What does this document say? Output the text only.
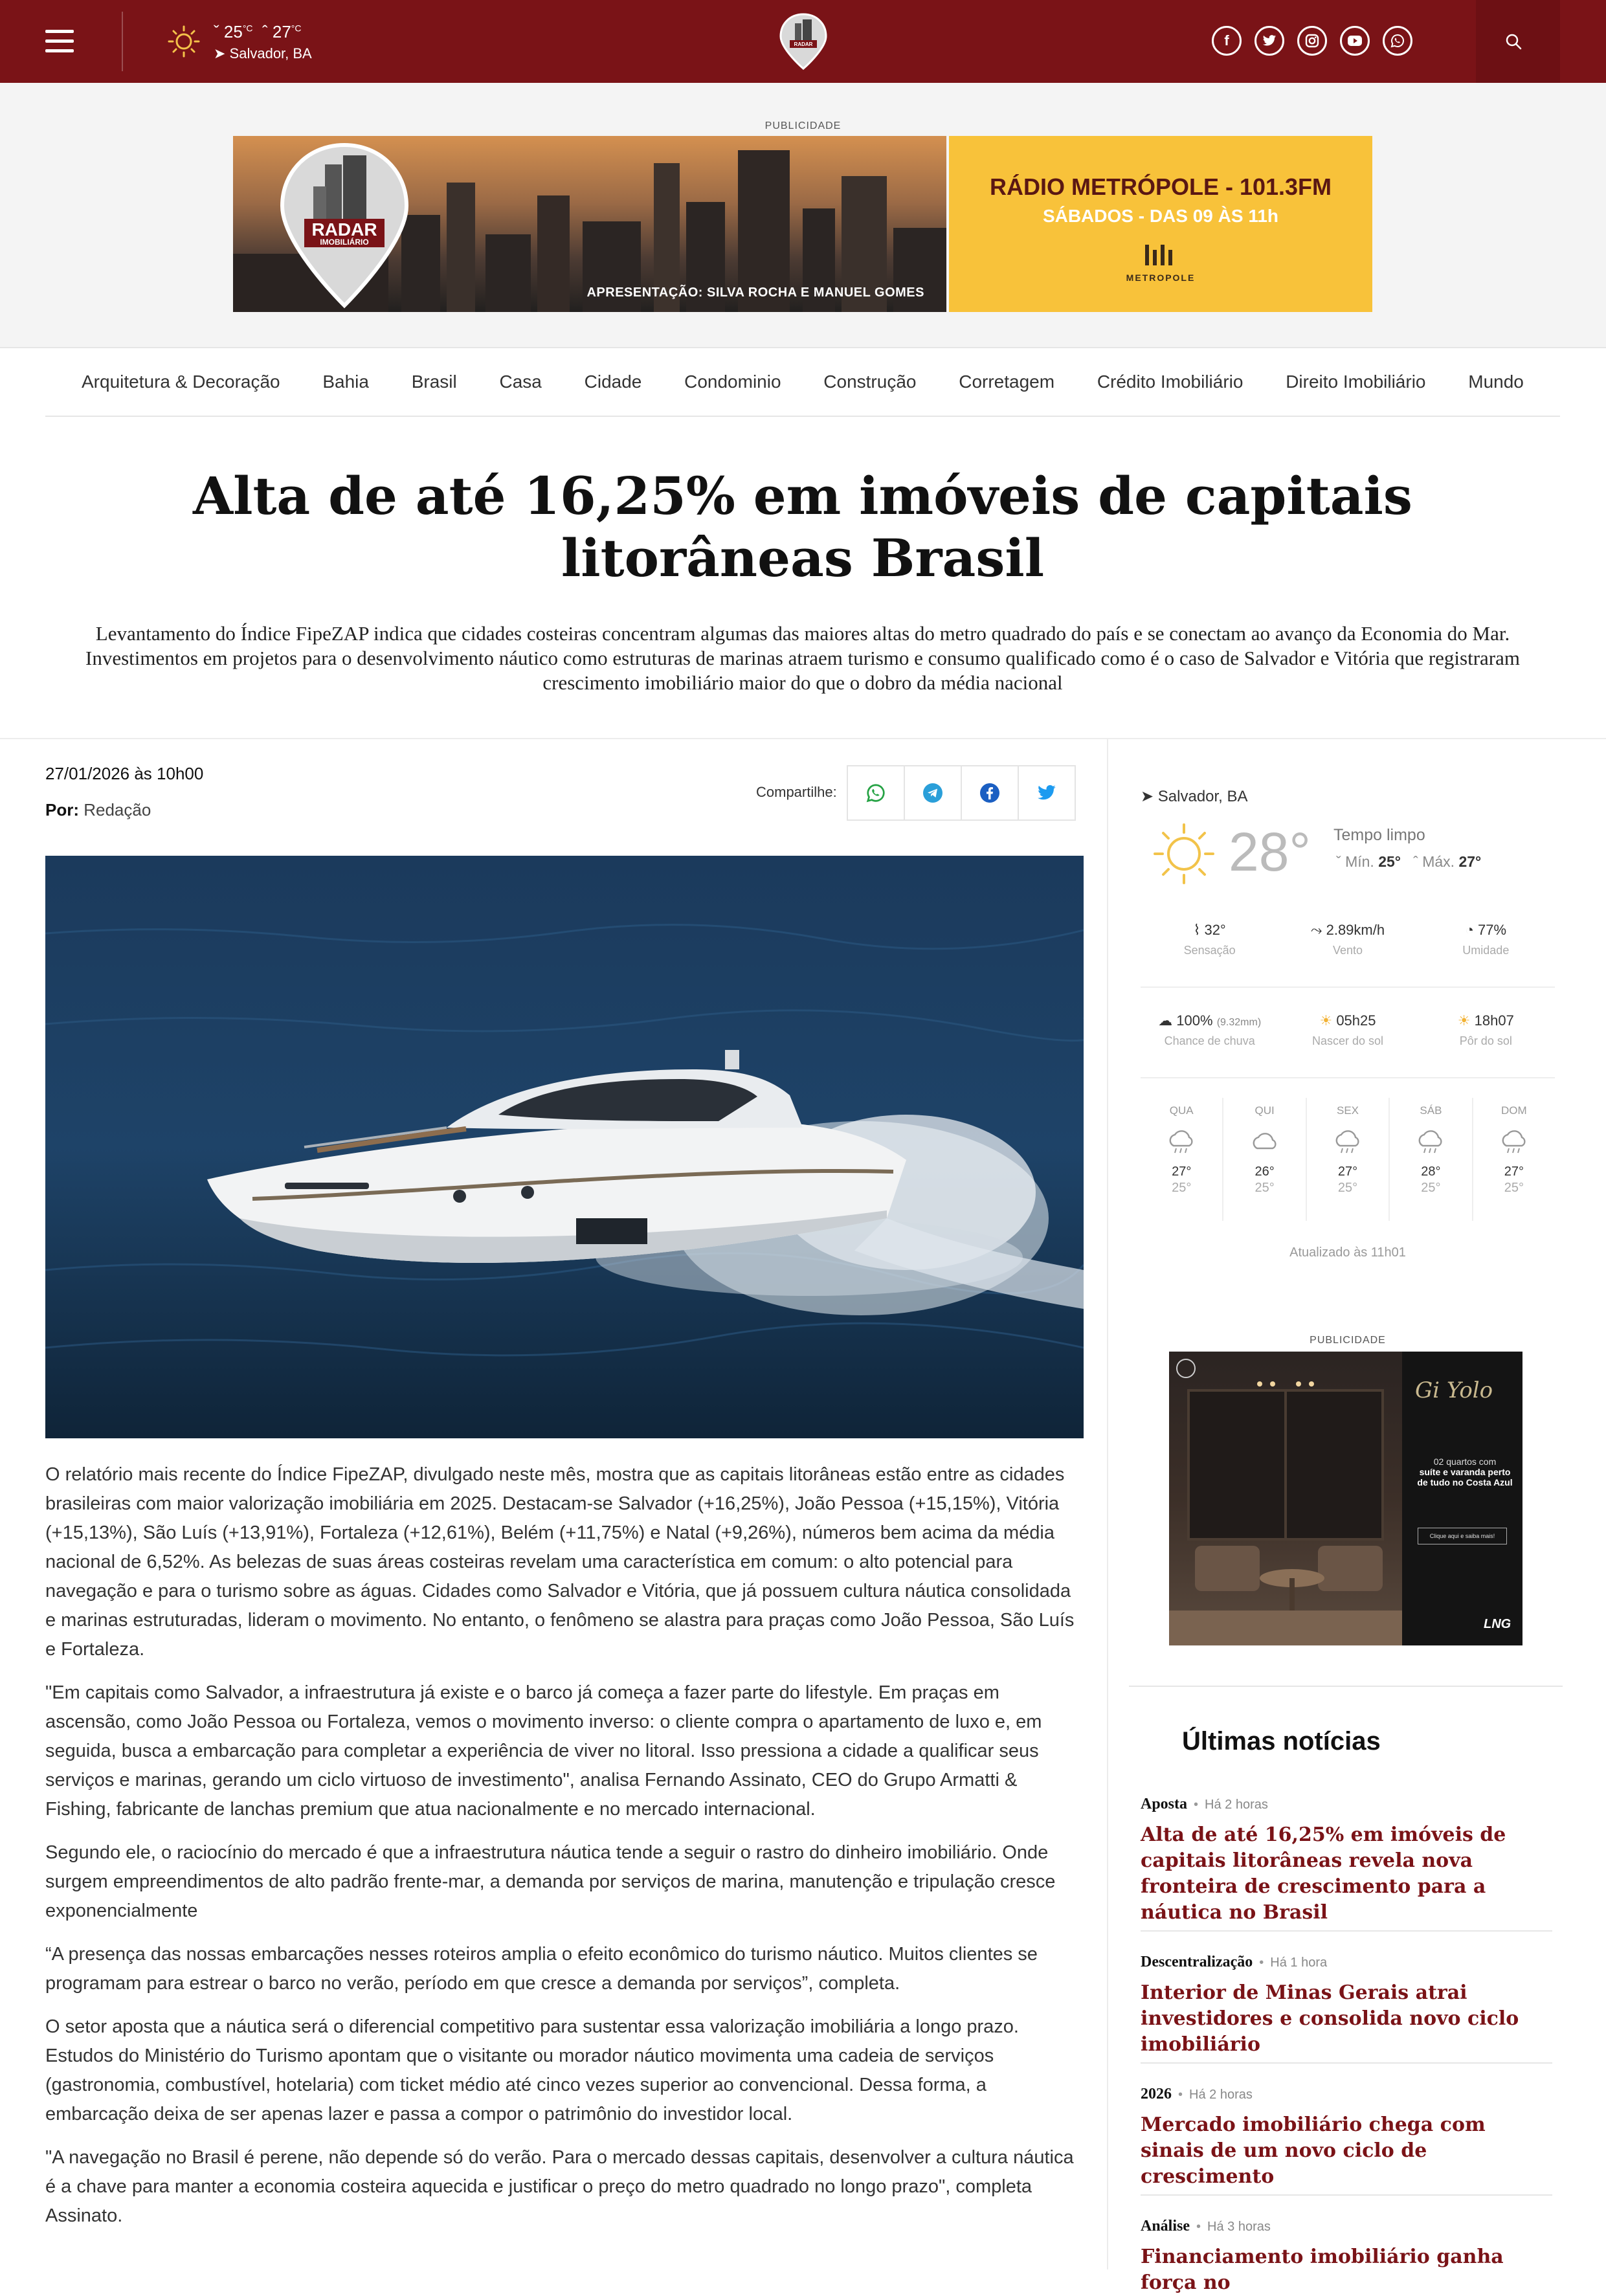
ˇ $25^{^\circ C}$  ˆ $27^{^\circ C}$
➤ Salvador, BA
RADAR	f
PUBLICIDADE
RADAR
IMOBILIÁRIO
APRESENTAÇÃO: SILVA ROCHA E MANUEL GOMES
RÁDIO METRÓPOLE - 101.3FM
SÁBADOS - DAS 09 ÀS 11h
METROPOLE
Arquitetura & Decoração Bahia Brasil Casa Cidade Condominio Construção Corretagem Crédito Imobiliário Direito Imobiliário Mundo
Alta de até 16,25% em imóveis de capitais litorâneas Brasil

Levantamento do Índice FipeZAP indica que cidades costeiras concentram algumas das maiores altas do metro quadrado do país e se conectam ao avanço da Economia do Mar. Investimentos em projetos para o desenvolvimento náutico como estruturas de marinas atraem turismo e consumo qualificado como é o caso de Salvador e Vitória que registraram crescimento imobiliário maior do que o dobro da média nacional

27/01/2026 às 10h00
Por: Redação
Compartilhe:

O relatório mais recente do Índice FipeZAP, divulgado neste mês, mostra que as capitais litorâneas estão entre as cidades brasileiras com maior valorização imobiliária em 2025. Destacam-se Salvador (+16,25%), João Pessoa (+15,15%), Vitória (+15,13%), São Luís (+13,91%), Fortaleza (+12,61%), Belém (+11,75%) e Natal (+9,26%), números bem acima da média nacional de 6,52%. As belezas de suas áreas costeiras revelam uma característica em comum: o alto potencial para navegação e para o turismo sobre as águas. Cidades como Salvador e Vitória, que já possuem cultura náutica consolidada e marinas estruturadas, lideram o movimento. No entanto, o fenômeno se alastra para praças como João Pessoa, São Luís e Fortaleza.

"Em capitais como Salvador, a infraestrutura já existe e o barco já começa a fazer parte do lifestyle. Em praças em ascensão, como João Pessoa ou Fortaleza, vemos o movimento inverso: o cliente compra o apartamento de luxo e, em seguida, busca a embarcação para completar a experiência de viver no litoral. Isso pressiona a cidade a qualificar seus serviços e marinas, gerando um ciclo virtuoso de investimento", analisa Fernando Assinato, CEO do Grupo Armatti & Fishing, fabricante de lanchas premium que atua nacionalmente e no mercado internacional.

Segundo ele, o raciocínio do mercado é que a infraestrutura náutica tende a seguir o rastro do dinheiro imobiliário. Onde surgem empreendimentos de alto padrão frente-mar, a demanda por serviços de marina, manutenção e tripulação cresce exponencialmente

“A presença das nossas embarcações nesses roteiros amplia o efeito econômico do turismo náutico. Muitos clientes se programam para estrear o barco no verão, período em que cresce a demanda por serviços”, completa.

O setor aposta que a náutica será o diferencial competitivo para sustentar essa valorização imobiliária a longo prazo. Estudos do Ministério do Turismo apontam que o visitante ou morador náutico movimenta uma cadeia de serviços (gastronomia, combustível, hotelaria) com ticket médio até cinco vezes superior ao convencional. Dessa forma, a embarcação deixa de ser apenas lazer e passa a compor o patrimônio do investidor local.

"A navegação no Brasil é perene, não depende só do verão. Para o mercado dessas capitais, desenvolver a cultura náutica é a chave para manter a economia costeira aquecida e justificar o preço do metro quadrado no longo prazo", completa Assinato.

➤ Salvador, BA
28° Tempo limpo
ˇ Mín. 25°   ˆ Máx. 27°
⌇ 32°
Sensação
⤳ 2.89km/h
Vento
◔ 77%
Umidade
☁ 100% (9.32mm)
Chance de chuva
☀ 05h25
Nascer do sol
☀ 18h07
Pôr do sol
QUA
27°
25°
QUI
26°
25°
SEX
27°
25°
SÁB
28°
25°
DOM
27°
25°
Atualizado às 11h01
PUBLICIDADE
Gi Yolo
02 quartos com
suíte e varanda perto
de tudo no Costa Azul
Clique aqui e saiba mais!
LNG
Últimas notícias
Aposta • Há 2 horas
Alta de até 16,25% em imóveis de capitais litorâneas revela nova fronteira de crescimento para a náutica no Brasil
Descentralização • Há 1 hora
Interior de Minas Gerais atrai investidores e consolida novo ciclo imobiliário
2026 • Há 2 horas
Mercado imobiliário chega com sinais de um novo ciclo de crescimento
Análise • Há 3 horas
Financiamento imobiliário ganha força no
